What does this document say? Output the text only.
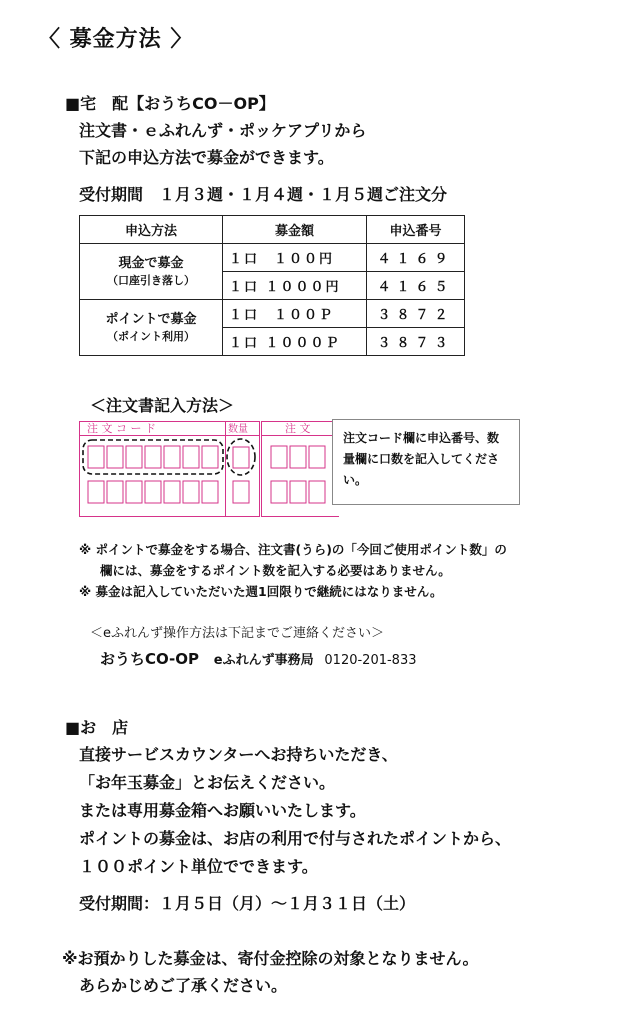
〈 募金方法 〉
■宅　配【おうちCO－OP】
注文書・ｅふれんず・ポッケアプリから
下記の申込方法で募金ができます。
受付期間　１月３週・１月４週・１月５週ご注文分
申込方法	募金額	申込番号

現金で募金
（口座引き落し）	１口　１００円	４１６９
	１口 １０００円	４１６５

ポイントで募金
（ポイント利用）	１口　１００Ｐ	３８７２
	１口 １０００Ｐ	３８７３
＜注文書記入方法＞
注 文 コ ー ド	数量	注 文
注文コード欄に申込番号、数量欄に口数を記入してください。
※ ポイントで募金をする場合、注文書(うら)の「今回ご使用ポイント数」の
欄には、募金をするポイント数を記入する必要はありません。
※ 募金は記入していただいた週1回限りで継続にはなりません。
＜eふれんず操作方法は下記までご連絡ください＞
おうちCO-OP eふれんず事務局 0120-201-833
■お　店
直接サービスカウンターへお持ちいただき、
「お年玉募金」とお伝えください。
または専用募金箱へお願いいたします。
ポイントの募金は、お店の利用で付与されたポイントから、
１００ポイント単位でできます。
受付期間：１月５日（月）～１月３１日（土）
※お預かりした募金は、寄付金控除の対象となりません。
あらかじめご了承ください。
